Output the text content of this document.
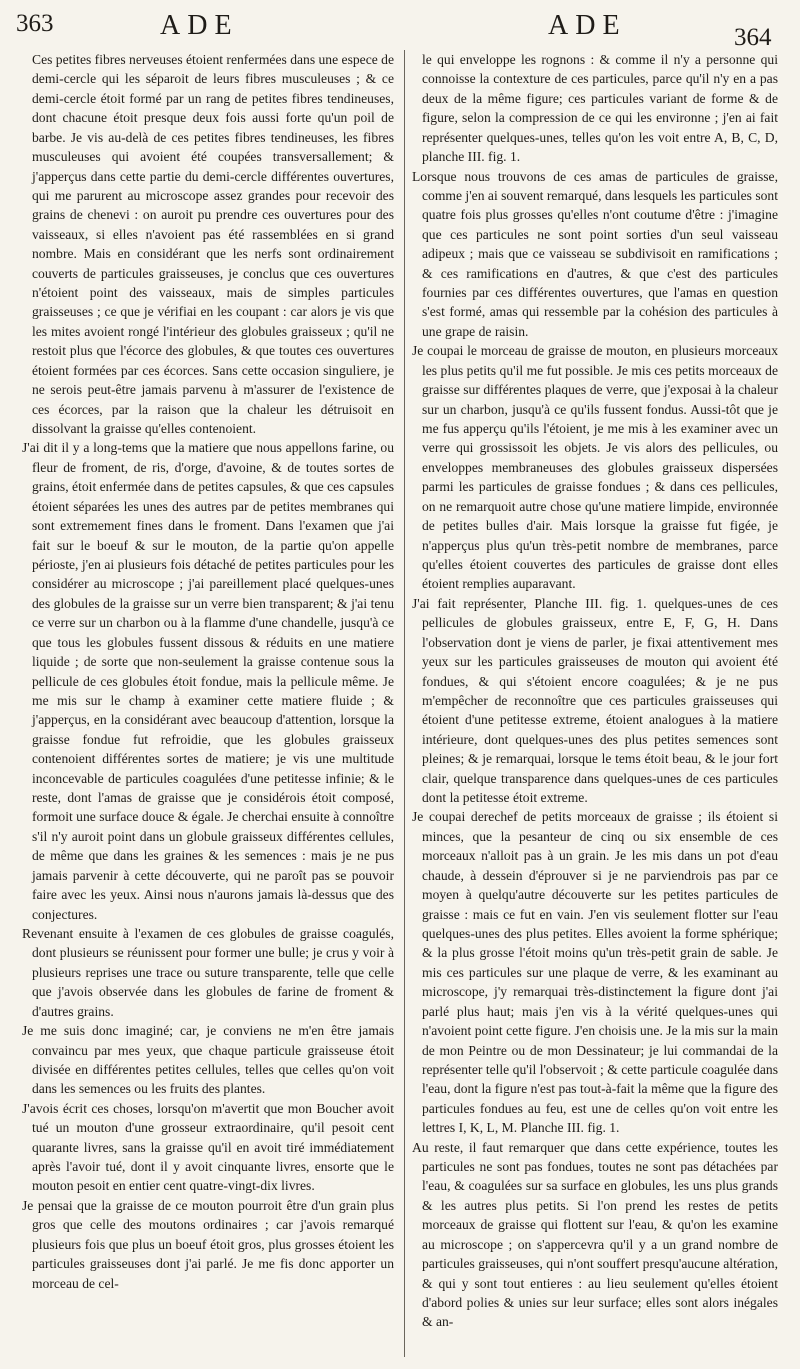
363	ADE	ADE	364

Ces petites fibres nerveuses étoient renfermées dans une espece de demi-cercle qui les séparoit de leurs fibres musculeuses ; & ce demi-cercle étoit formé par un rang de petites fibres tendineuses, dont chacune étoit presque deux fois aussi forte qu'un poil de barbe. Je vis au-delà de ces petites fibres tendineuses, les fibres musculeuses qui avoient été coupées transversallement; & j'apperçus dans cette partie du demi-cercle différentes ouvertures, qui me parurent au microscope assez grandes pour recevoir des grains de chenevi : on auroit pu prendre ces ouvertures pour des vaisseaux, si elles n'avoient pas été rassemblées en si grand nombre. Mais en considérant que les nerfs sont ordinairement couverts de particules graisseuses, je conclus que ces ouvertures n'étoient point des vaisseaux, mais de simples particules graisseuses ; ce que je vérifiai en les coupant : car alors je vis que les mites avoient rongé l'intérieur des globules graisseux ; qu'il ne restoit plus que l'écorce des globules, & que toutes ces ouvertures étoient formées par ces écorces. Sans cette occasion singuliere, je ne serois peut-être jamais parvenu à m'assurer de l'existence de ces écorces, par la raison que la chaleur les détruisoit en dissolvant la graisse qu'elles contenoient.

J'ai dit il y a long-tems que la matiere que nous appellons farine, ou fleur de froment, de ris, d'orge, d'avoine, & de toutes sortes de grains, étoit enfermée dans de petites capsules, & que ces capsules étoient séparées les unes des autres par de petites membranes qui sont extremement fines dans le froment. Dans l'examen que j'ai fait sur le boeuf & sur le mouton, de la partie qu'on appelle périoste, j'en ai plusieurs fois détaché de petites particules pour les considérer au microscope ; j'ai pareillement placé quelques-unes des globules de la graisse sur un verre bien transparent; & j'ai tenu ce verre sur un charbon ou à la flamme d'une chandelle, jusqu'à ce que tous les globules fussent dissous & réduits en une matiere liquide ; de sorte que non-seulement la graisse contenue sous la pellicule de ces globules étoit fondue, mais la pellicule même. Je me mis sur le champ à examiner cette matiere fluide ; & j'apperçus, en la considérant avec beaucoup d'attention, lorsque la graisse fondue fut refroidie, que les globules graisseux contenoient différentes sortes de matiere; je vis une multitude inconcevable de particules coagulées d'une petitesse infinie; & le reste, dont l'amas de graisse que je considérois étoit composé, formoit une surface douce & égale. Je cherchai ensuite à connoître s'il n'y auroit point dans un globule graisseux différentes cellules, de même que dans les graines & les semences : mais je ne pus jamais parvenir à cette découverte, qui ne paroît pas se pouvoir faire avec les yeux. Ainsi nous n'aurons jamais là-dessus que des conjectures.

Revenant ensuite à l'examen de ces globules de graisse coagulés, dont plusieurs se réunissent pour former une bulle; je crus y voir à plusieurs reprises une trace ou suture transparente, telle que celle que j'avois observée dans les globules de farine de froment & d'autres grains.

Je me suis donc imaginé; car, je conviens ne m'en être jamais convaincu par mes yeux, que chaque particule graisseuse étoit divisée en différentes petites cellules, telles que celles qu'on voit dans les semences ou les fruits des plantes.

J'avois écrit ces choses, lorsqu'on m'avertit que mon Boucher avoit tué un mouton d'une grosseur extraordinaire, qu'il pesoit cent quarante livres, sans la graisse qu'il en avoit tiré immédiatement après l'avoir tué, dont il y avoit cinquante livres, ensorte que le mouton pesoit en entier cent quatre-vingt-dix livres.

Je pensai que la graisse de ce mouton pourroit être d'un grain plus gros que celle des moutons ordinaires ; car j'avois remarqué plusieurs fois que plus un boeuf étoit gros, plus grosses étoient les particules graisseuses dont j'ai parlé. Je me fis donc apporter un morceau de cel-

le qui enveloppe les rognons : & comme il n'y a personne qui connoisse la contexture de ces particules, parce qu'il n'y en a pas deux de la même figure; ces particules variant de forme & de figure, selon la compression de ce qui les environne ; j'en ai fait représenter quelques-unes, telles qu'on les voit entre A, B, C, D, planche III. fig. 1.

Lorsque nous trouvons de ces amas de particules de graisse, comme j'en ai souvent remarqué, dans lesquels les particules sont quatre fois plus grosses qu'elles n'ont coutume d'être : j'imagine que ces particules ne sont point sorties d'un seul vaisseau adipeux ; mais que ce vaisseau se subdivisoit en ramifications ; & ces ramifications en d'autres, & que c'est des particules fournies par ces différentes ouvertures, que l'amas en question s'est formé, amas qui ressemble par la cohésion des particules à une grape de raisin.

Je coupai le morceau de graisse de mouton, en plusieurs morceaux les plus petits qu'il me fut possible. Je mis ces petits morceaux de graisse sur différentes plaques de verre, que j'exposai à la chaleur sur un charbon, jusqu'à ce qu'ils fussent fondus. Aussi-tôt que je me fus apperçu qu'ils l'étoient, je me mis à les examiner avec un verre qui grossissoit les objets. Je vis alors des pellicules, ou enveloppes membraneuses des globules graisseux dispersées parmi les particules de graisse fondues ; & dans ces pellicules, on ne remarquoit autre chose qu'une matiere limpide, environnée de petites bulles d'air. Mais lorsque la graisse fut figée, je n'apperçus plus qu'un très-petit nombre de membranes, parce qu'elles étoient couvertes des particules de graisse dont elles étoient remplies auparavant.

J'ai fait représenter, Planche III. fig. 1. quelques-unes de ces pellicules de globules graisseux, entre E, F, G, H. Dans l'observation dont je viens de parler, je fixai attentivement mes yeux sur les particules graisseuses de mouton qui avoient été fondues, & qui s'étoient encore coagulées; & je ne pus m'empêcher de reconnoître que ces particules graisseuses qui étoient d'une petitesse extreme, étoient analogues à la matiere intérieure, dont quelques-unes des plus petites semences sont pleines; & je remarquai, lorsque le tems étoit beau, & le jour fort clair, quelque transparence dans quelques-unes de ces particules dont la petitesse étoit extreme.

Je coupai derechef de petits morceaux de graisse ; ils étoient si minces, que la pesanteur de cinq ou six ensemble de ces morceaux n'alloit pas à un grain. Je les mis dans un pot d'eau chaude, à dessein d'éprouver si je ne parviendrois pas par ce moyen à quelqu'autre découverte sur les petites particules de graisse : mais ce fut en vain. J'en vis seulement flotter sur l'eau quelques-unes des plus petites. Elles avoient la forme sphérique; & la plus grosse l'étoit moins qu'un très-petit grain de sable. Je mis ces particules sur une plaque de verre, & les examinant au microscope, j'y remarquai très-distinctement la figure dont j'ai parlé plus haut; mais j'en vis à la vérité quelques-unes qui n'avoient point cette figure. J'en choisis une. Je la mis sur la main de mon Peintre ou de mon Dessinateur; je lui commandai de la représenter telle qu'il l'observoit ; & cette particule coagulée dans l'eau, dont la figure n'est pas tout-à-fait la même que la figure des particules fondues au feu, est une de celles qu'on voit entre les lettres I, K, L, M. Planche III. fig. 1.

Au reste, il faut remarquer que dans cette expérience, toutes les particules ne sont pas fondues, toutes ne sont pas détachées par l'eau, & coagulées sur sa surface en globules, les uns plus grands & les autres plus petits. Si l'on prend les restes de petits morceaux de graisse qui flottent sur l'eau, & qu'on les examine au microscope ; on s'appercevra qu'il y a un grand nombre de particules graisseuses, qui n'ont souffert presqu'aucune altération, & qui y sont tout entieres : au lieu seulement qu'elles étoient d'abord polies & unies sur leur surface; elles sont alors inégales & an-
